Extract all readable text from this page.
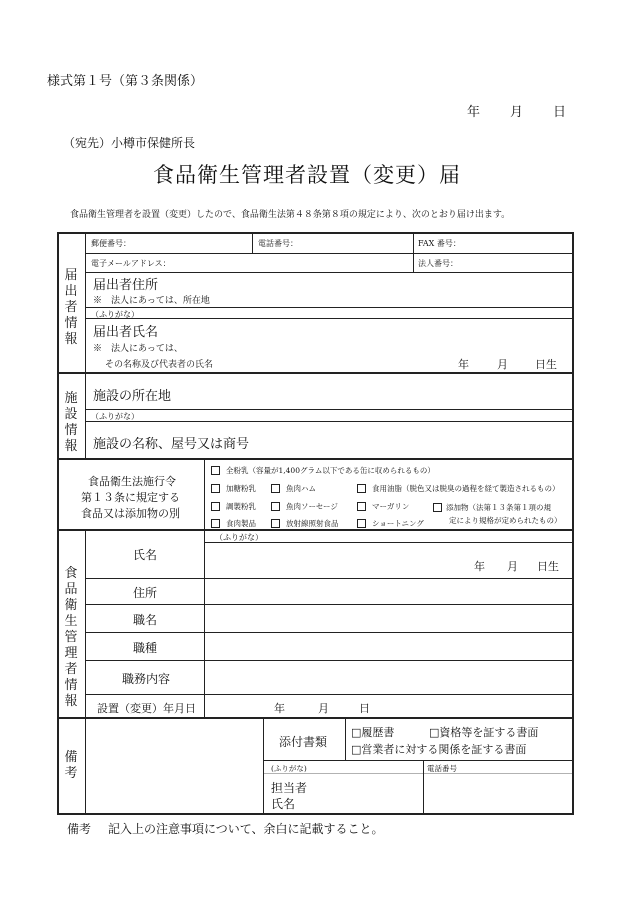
様式第１号（第３条関係）
年 月 日
（宛先）小樽市保健所長
食品衛生管理者設置（変更）届
食品衛生管理者を設置（変更）したので、食品衛生法第４８条第８項の規定により、次のとおり届け出ます。
届出者情報
郵便番号：	電話番号：	FAX 番号：
電子メールアドレス：	法人番号：
届出者住所
※　法人にあっては、所在地
（ふりがな）
届出者氏名
※　法人にあっては、
その名称及び代表者の氏名	年	月 日生
施設情報
施設の所在地
（ふりがな）
施設の名称、屋号又は商号
食品衛生法施行令
第１３条に規定する
食品又は添加物の別
全粉乳（容量が1,400グラム以下である缶に収められるもの）
加糖粉乳	魚肉ハム	食用油脂（脱色又は脱臭の過程を経て製造されるもの）
調製粉乳	魚肉ソーセージ	マーガリン	添加物（法第１３条第１項の規
定により規格が定められたもの）
食肉製品	放射線照射食品	ショートニング
食品衛生管理者情報
（ふりがな）
氏名
年 月 日生
住所
職名
職種
職務内容
設置（変更）年月日	年	月	日
備考
添付書類
□履歴書	□資格等を証する書面
□営業者に対する関係を証する書面
(ふりがな)
担当者
氏名
電話番号
備考 記入上の注意事項について、余白に記載すること。
